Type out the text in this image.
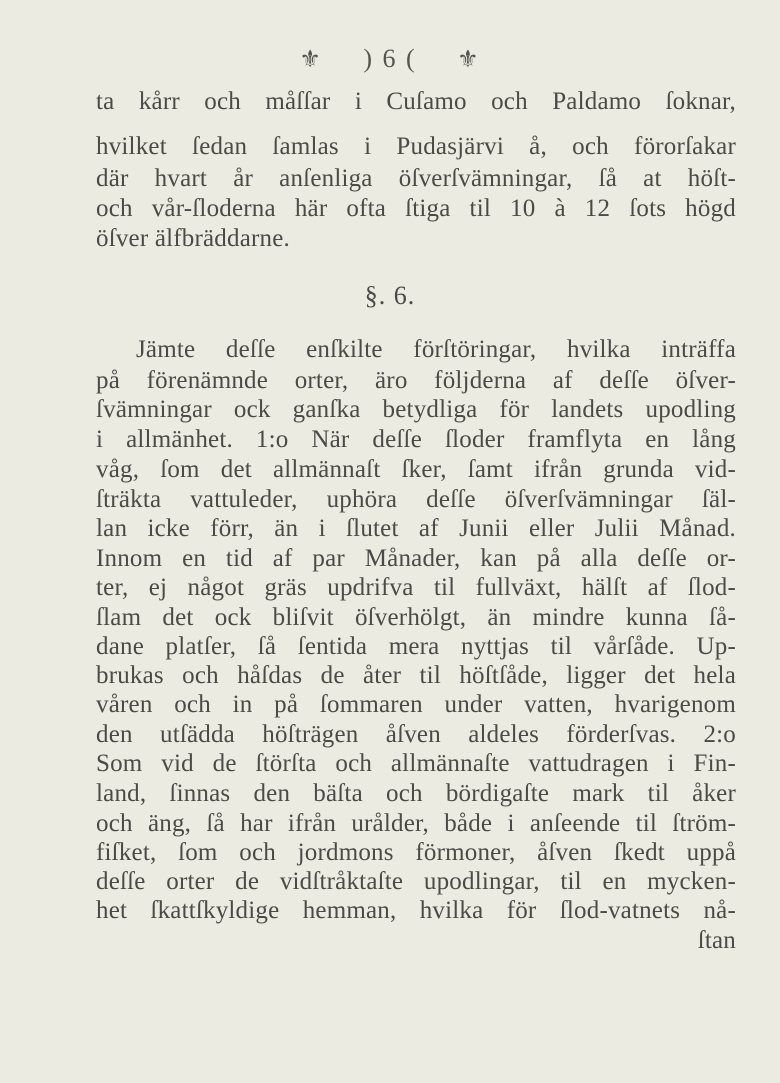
⚜ ) 6 ( ⚜
ta kårr och måſſar i Cuſamo och Paldamo ſoknar,
hvilket ſedan ſamlas i Pudasjärvi å, och förorſakar
där hvart år anſenliga öſverſvämningar, ſå at höſt-
och vår-ſloderna här ofta ſtiga til 10 à 12 ſots högd
öſver älfbräddarne.
§. 6.
Jämte deſſe enſkilte förſtöringar, hvilka inträffa
på förenämnde orter, äro följderna af deſſe öſver-
ſvämningar ock ganſka betydliga för landets upodling
i allmänhet. 1:o När deſſe ſloder framflyta en lång
våg, ſom det allmännaſt ſker, ſamt ifrån grunda vid-
ſträkta vattuleder, uphöra deſſe öſverſvämningar ſäl-
lan icke förr, än i ſlutet af Junii eller Julii Månad.
Innom en tid af par Månader, kan på alla deſſe or-
ter, ej något gräs updrifva til fullväxt, hälſt af ſlod-
ſlam det ock bliſvit öſverhölgt, än mindre kunna ſå-
dane platſer, ſå ſentida mera nyttjas til vårſåde. Up-
brukas och håſdas de åter til höſtſåde, ligger det hela
våren och in på ſommaren under vatten, hvarigenom
den utſädda höſträgen åſven aldeles förderſvas. 2:o
Som vid de ſtörſta och allmännaſte vattudragen i Fin-
land, ſinnas den bäſta och bördigaſte mark til åker
och äng, ſå har ifrån urålder, både i anſeende til ſtröm-
fiſket, ſom och jordmons förmoner, åſven ſkedt uppå
deſſe orter de vidſtråktaſte upodlingar, til en mycken-
het ſkattſkyldige hemman, hvilka för ſlod-vatnets nå-
ſtan
